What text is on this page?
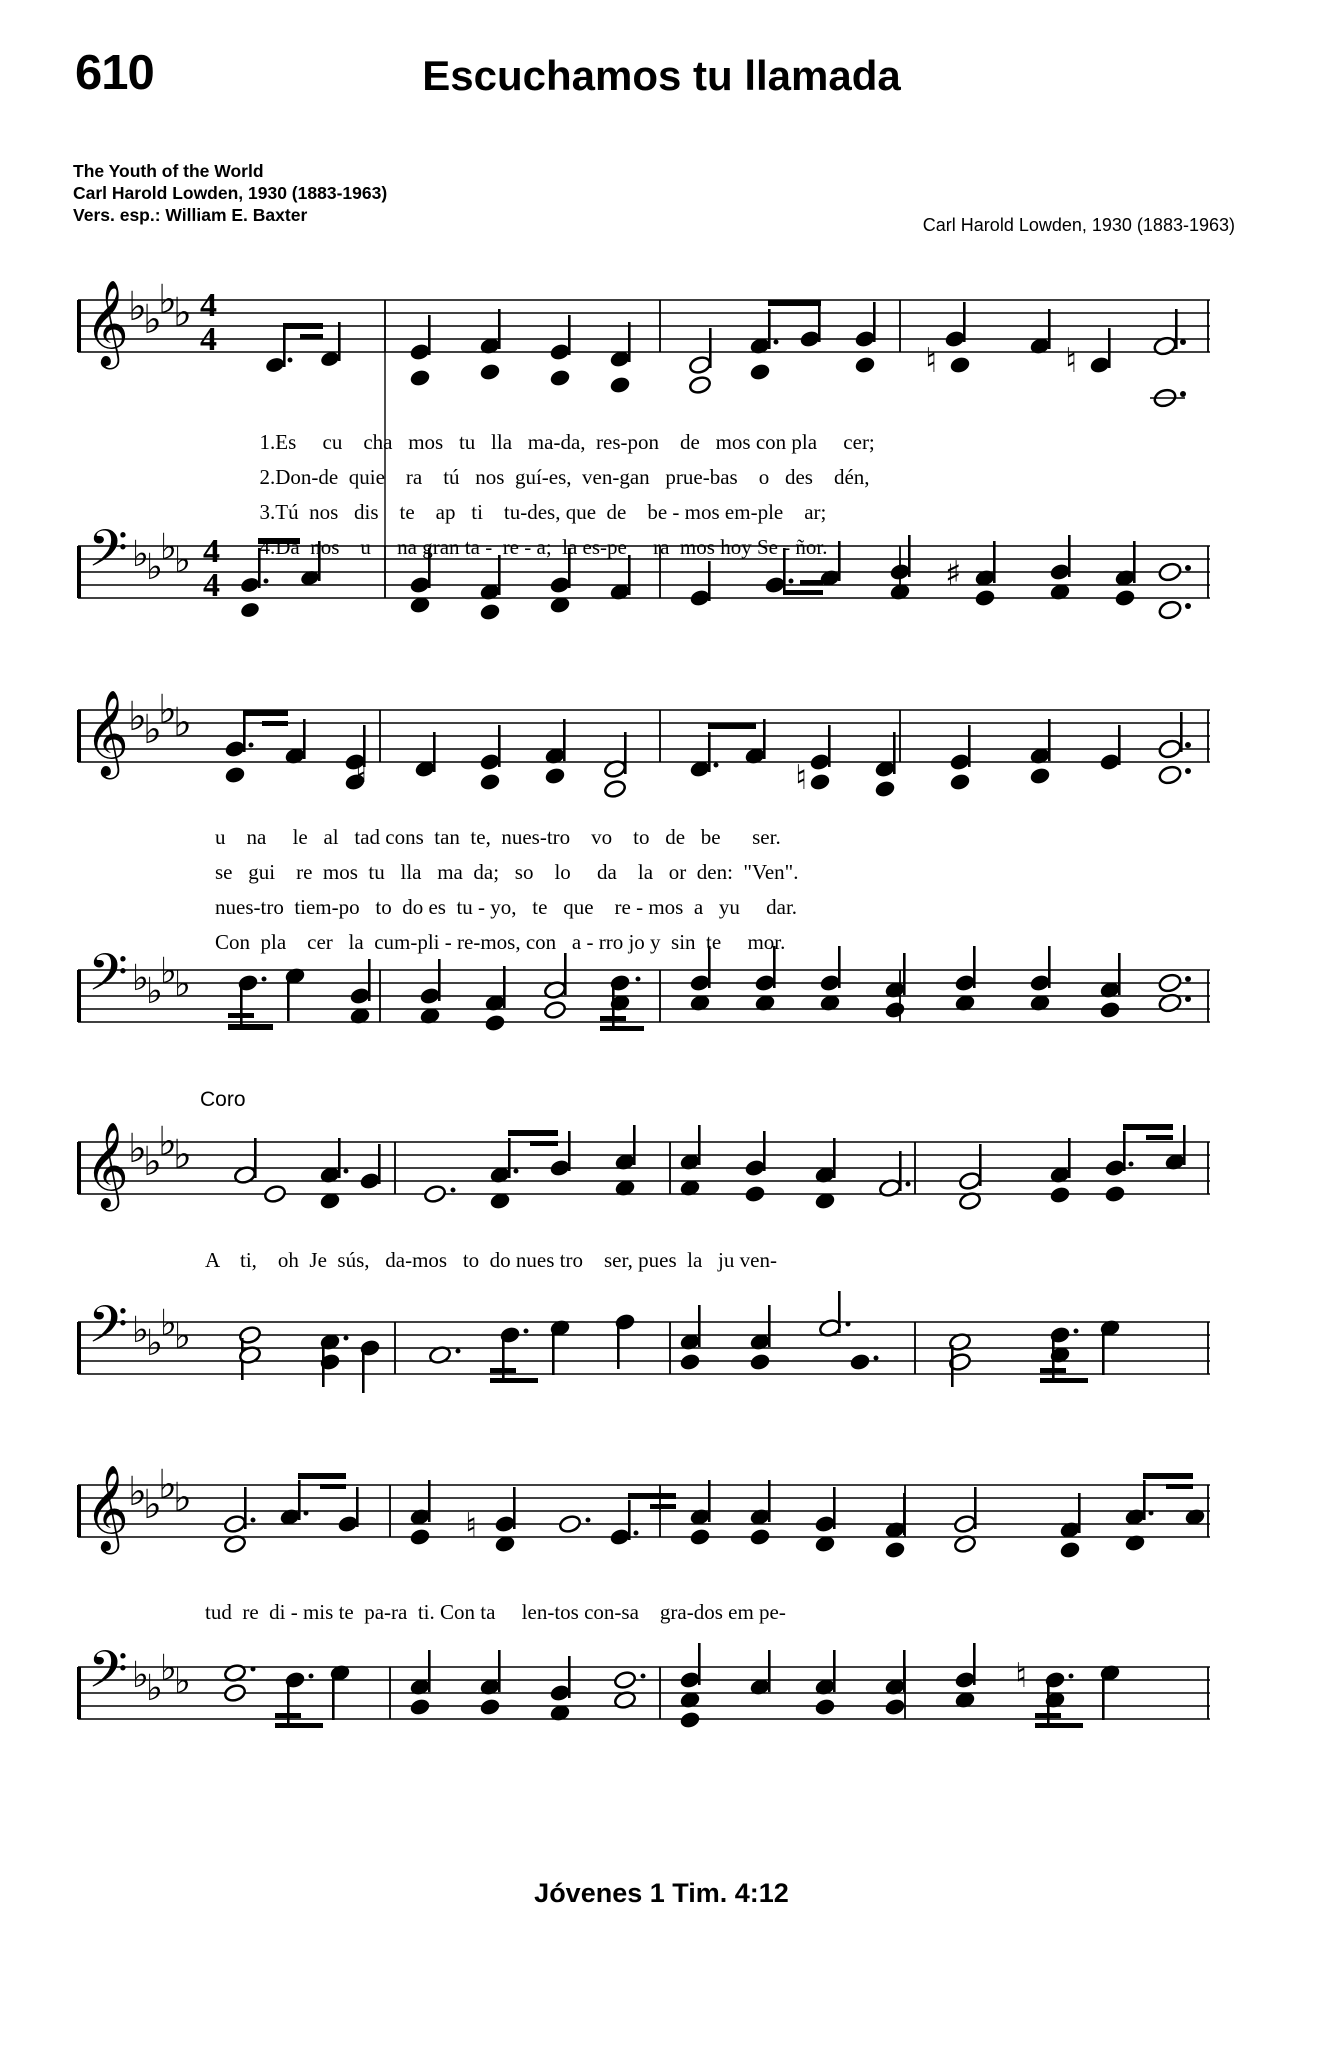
610	Escuchamos tu llamada
The Youth of the World
Carl Harold Lowden, 1930 (1883-1963)
Vers. esp.: William E. Baxter	Carl Harold Lowden, 1930 (1883-1963)
𝄞
𝄢
♭
♭
♭
♭
♭
♭
♭
♭
4
4
4
4
♮	♮
♯

1.Es     cu    cha   mos   tu   lla   ma-da,  res-pon    de   mos con pla     cer;

2.Don-de  quie    ra    tú   nos  guí-es,  ven-gan   prue-bas    o   des    dén,

3.Tú  nos   dis    te    ap   ti    tu-des, que  de    be - mos em-ple    ar;

4.Da  nos    u     na gran ta -  re - a;  la es-pe     ra  mos hoy Se - ñor.

𝄞
𝄢
♭
♭
♭
♭
♭
♭
♭
♭
♮	♮
u    na     le   al   tad cons  tan  te,  nues-tro    vo    to   de   be      ser.
se   gui    re  mos  tu   lla   ma  da;   so    lo     da    la   or  den:  "Ven".
nues-tro  tiem-po   to  do es  tu - yo,   te   que    re - mos  a   yu     dar.
Con  pla    cer   la  cum-pli - re-mos, con   a - rro jo y  sin  te     mor.
𝄞
𝄢
♭
♭
♭
♭
♭
♭
♭
♭
Coro
A    ti,    oh  Je  sús,   da-mos   to  do nues tro    ser, pues  la   ju ven-
𝄞
𝄢
♭
♭
♭
♭
♭
♭
♭
♭
♮
♮
tud  re  di - mis te  pa-ra  ti. Con ta     len-tos con-sa    gra-dos em pe-
Jóvenes 1 Tim. 4:12
